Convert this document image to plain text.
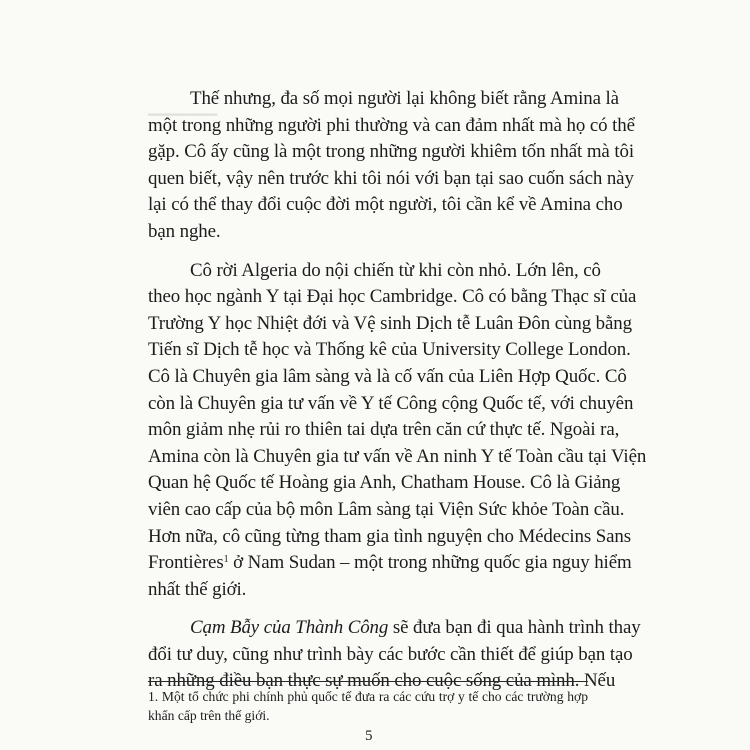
▁▁▁▁▁▁
Thế nhưng, đa số mọi người lại không biết rằng Amina là
một trong những người phi thường và can đảm nhất mà họ có thể
gặp. Cô ấy cũng là một trong những người khiêm tốn nhất mà tôi
quen biết, vậy nên trước khi tôi nói với bạn tại sao cuốn sách này
lại có thể thay đổi cuộc đời một người, tôi cần kể về Amina cho
bạn nghe.
Cô rời Algeria do nội chiến từ khi còn nhỏ. Lớn lên, cô
theo học ngành Y tại Đại học Cambridge. Cô có bằng Thạc sĩ của
Trường Y học Nhiệt đới và Vệ sinh Dịch tễ Luân Đôn cùng bằng
Tiến sĩ Dịch tễ học và Thống kê của University College London.
Cô là Chuyên gia lâm sàng và là cố vấn của Liên Hợp Quốc. Cô
còn là Chuyên gia tư vấn về Y tế Công cộng Quốc tế, với chuyên
môn giảm nhẹ rủi ro thiên tai dựa trên căn cứ thực tế. Ngoài ra,
Amina còn là Chuyên gia tư vấn về An ninh Y tế Toàn cầu tại Viện
Quan hệ Quốc tế Hoàng gia Anh, Chatham House. Cô là Giảng
viên cao cấp của bộ môn Lâm sàng tại Viện Sức khỏe Toàn cầu.
Hơn nữa, cô cũng từng tham gia tình nguyện cho Médecins Sans
Frontières$^1$ ở Nam Sudan – một trong những quốc gia nguy hiểm
nhất thế giới.
Cạm Bẫy của Thành Công sẽ đưa bạn đi qua hành trình thay
đổi tư duy, cũng như trình bày các bước cần thiết để giúp bạn tạo
ra những điều bạn thực sự muốn cho cuộc sống của mình. Nếu
1. Một tổ chức phi chính phủ quốc tế đưa ra các cứu trợ y tế cho các trường hợp
khẩn cấp trên thế giới.
5
